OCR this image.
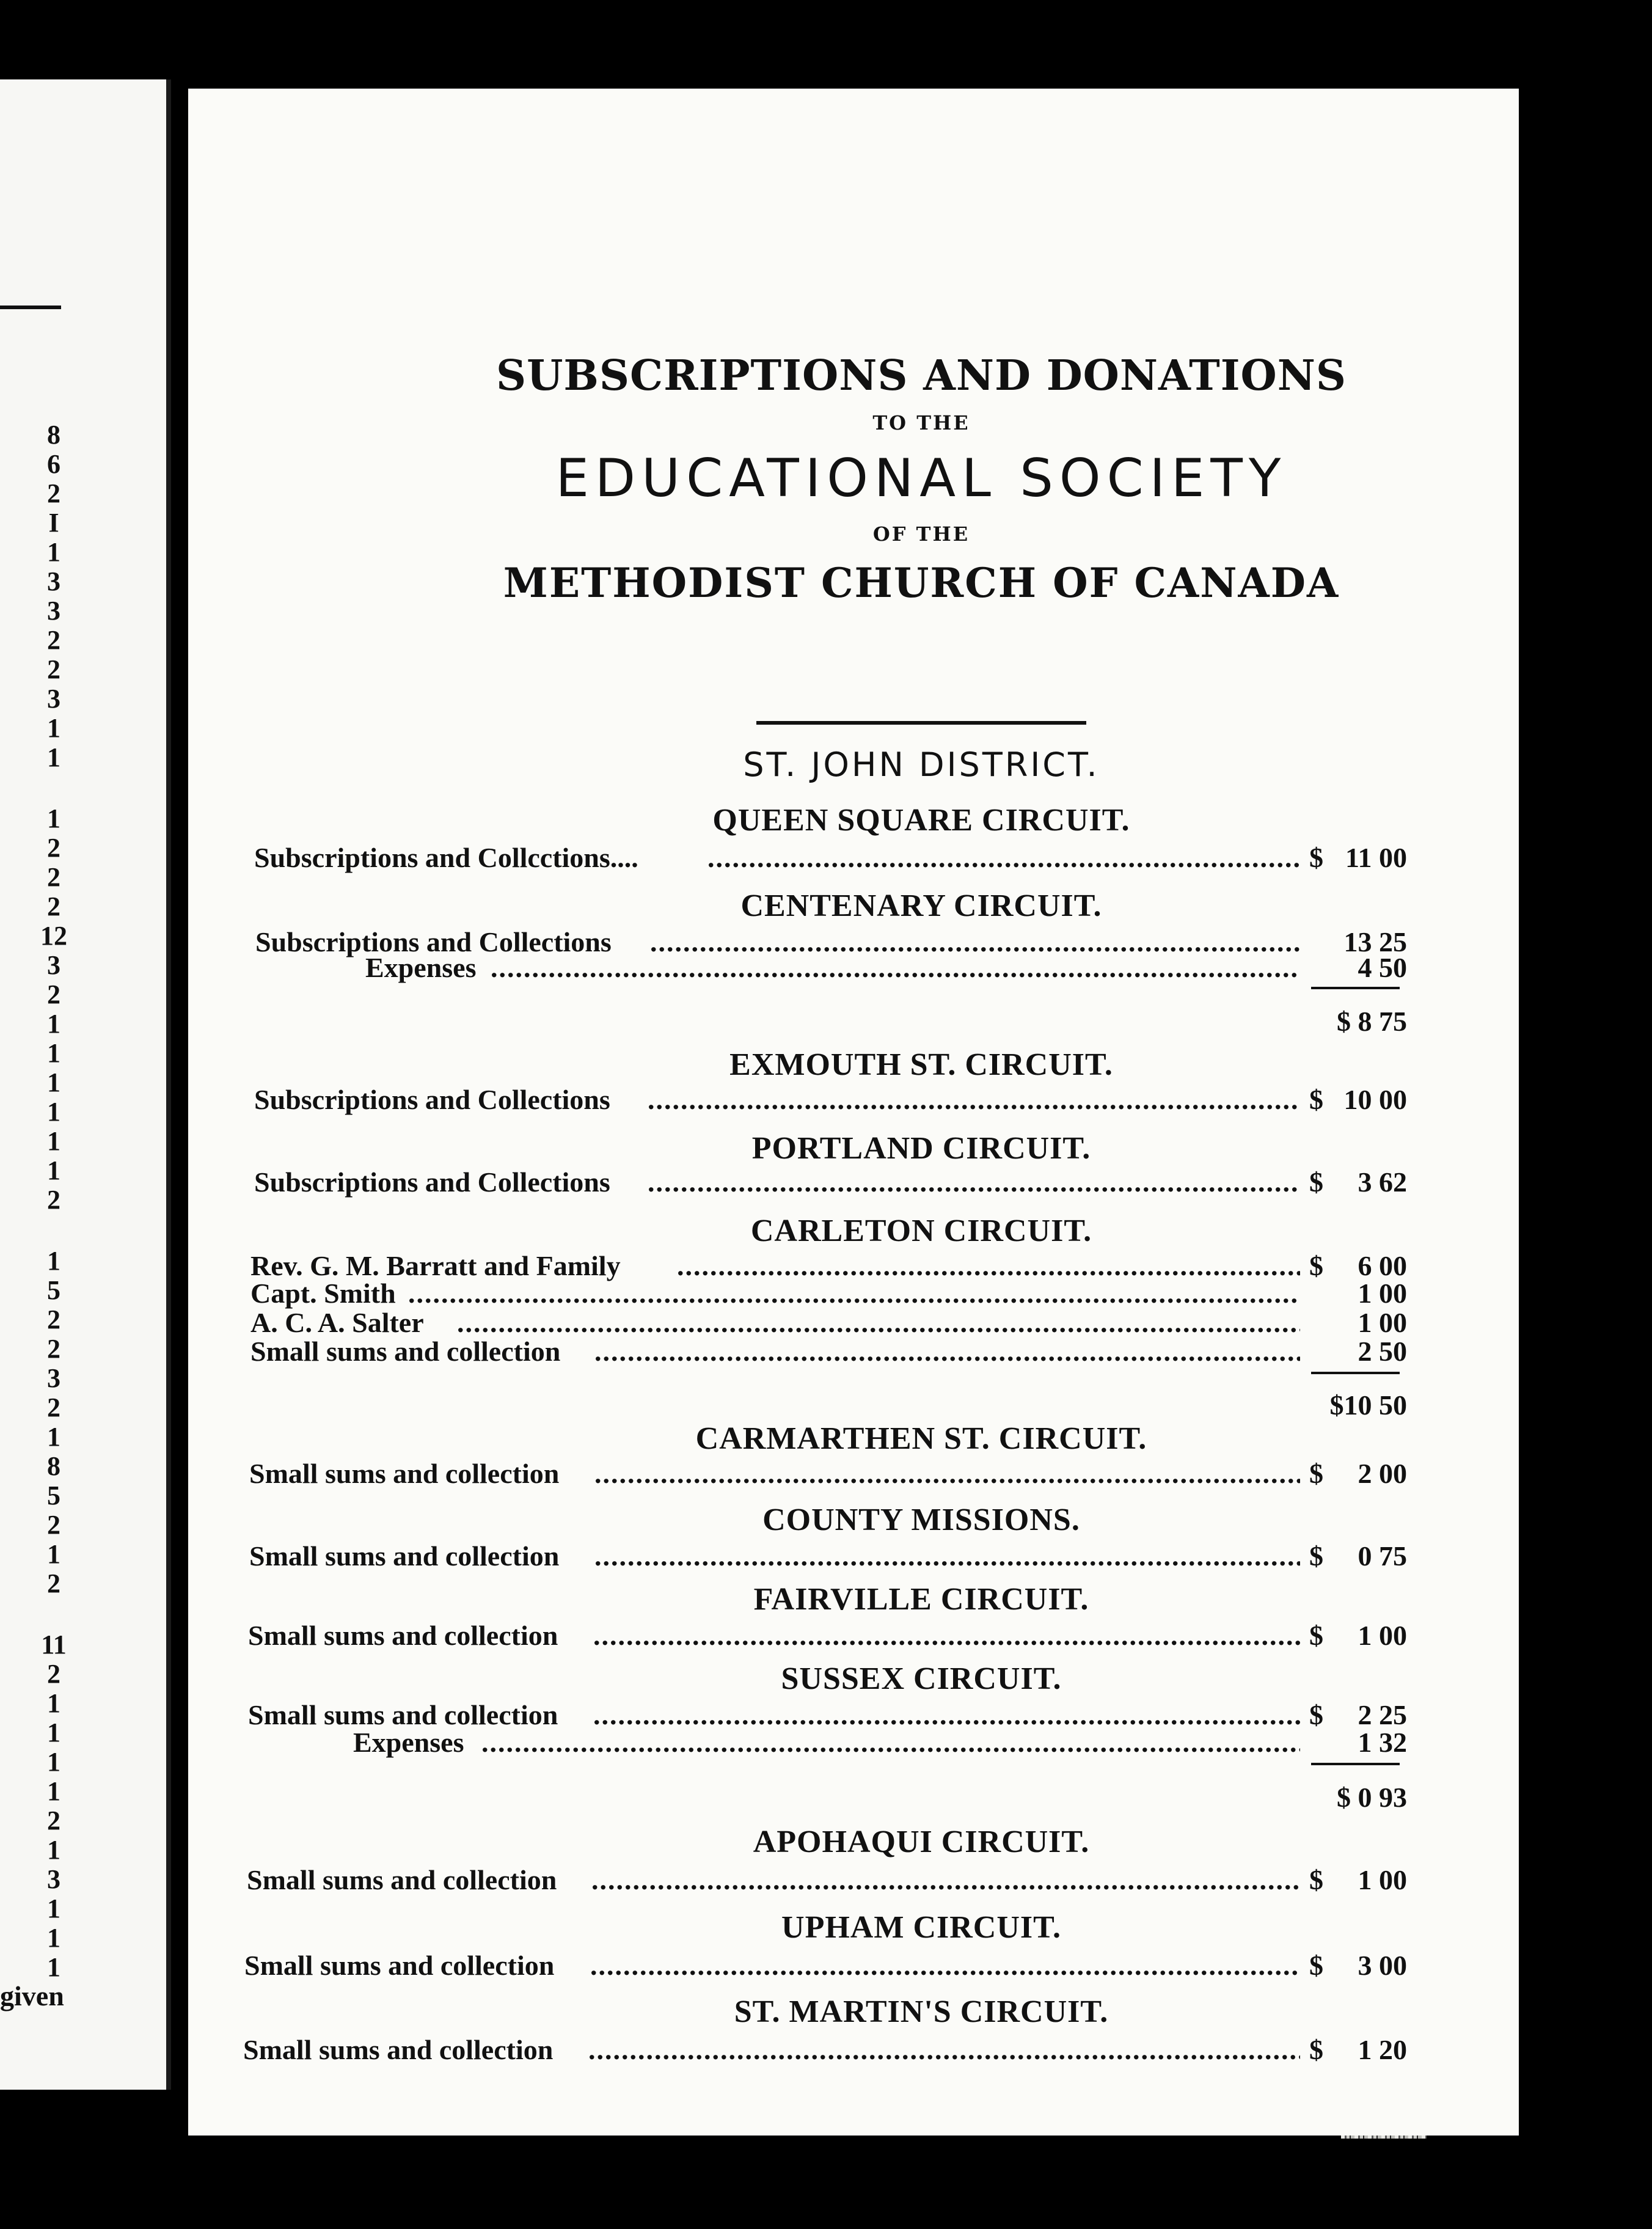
8
6
2
I
1
3
3
2
2
3
1
1
1
2
2
2
12
3
2
1
1
1
1
1
1
2
1
5
2
2
3
2
1
8
5
2
1
2
11
2
1
1
1
1
2
1
3
1
1
1
given
SUBSCRIPTIONS AND DONATIONS
TO THE
EDUCATIONAL SOCIETY
OF THE
METHODIST CHURCH OF CANADA
ST. JOHN DISTRICT.
QUEEN SQUARE CIRCUIT.
Subscriptions and Collcctions.... .....	$ 11 00
CENTENARY CIRCUIT.
Subscriptions and Collections .....	13 25
Expenses .....	4 50
$ 8 75
EXMOUTH ST. CIRCUIT.
Subscriptions and Collections .....	$ 10 00
PORTLAND CIRCUIT.
Subscriptions and Collections .....	$ 3 62
CARLETON CIRCUIT.
Rev. G. M. Barratt and Family .....	$ 6 00
Capt. Smith .....	1 00
A. C. A. Salter .....	1 00
Small sums and collection .....	2 50
$10 50
CARMARTHEN ST. CIRCUIT.
Small sums and collection .....	$ 2 00
COUNTY MISSIONS.
Small sums and collection .....	$ 0 75
FAIRVILLE CIRCUIT.
Small sums and collection .....	$ 1 00
SUSSEX CIRCUIT.
Small sums and collection .....	$ 2 25
Expenses .....	1 32
$ 0 93
APOHAQUI CIRCUIT.
Small sums and collection .....	$ 1 00
UPHAM CIRCUIT.
Small sums and collection .....	$ 3 00
ST. MARTIN'S CIRCUIT.
Small sums and collection .....	$ 1 20
